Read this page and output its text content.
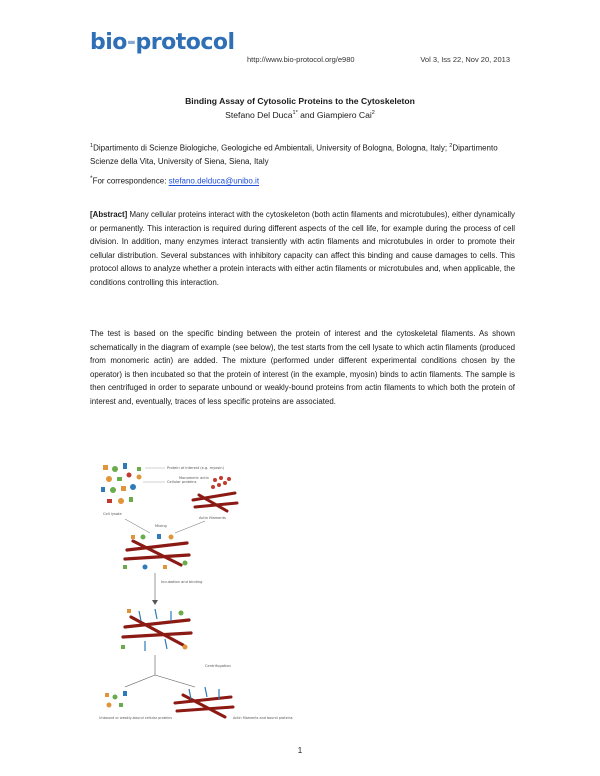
bio-protocol
http://www.bio-protocol.org/e980	Vol 3, Iss 22, Nov 20, 2013
Binding Assay of Cytosolic Proteins to the Cytoskeleton
Stefano Del Duca$^{1*}$ and Giampiero Cai$^2$
$^1$Dipartimento di Scienze Biologiche, Geologiche ed Ambientali, University of Bologna, Bologna, Italy; $^2$Dipartimento Scienze della Vita, University of Siena, Siena, Italy
*For correspondence: stefano.delduca@unibo.it
[Abstract] Many cellular proteins interact with the cytoskeleton (both actin filaments and microtubules), either dynamically or permanently. This interaction is required during different aspects of the cell life, for example during the process of cell division. In addition, many enzymes interact transiently with actin filaments and microtubules in order to promote their cellular distribution. Several substances with inhibitory capacity can affect this binding and cause damages to cells. This protocol allows to analyze whether a protein interacts with either actin filaments or microtubules and, when applicable, the conditions controlling this interaction.
The test is based on the specific binding between the protein of interest and the cytoskeletal filaments. As shown schematically in the diagram of example (see below), the test starts from the cell lysate to which actin filaments (produced from monomeric actin) are added. The mixture (performed under different experimental conditions chosen by the operator) is then incubated so that the protein of interest (in the example, myosin) binds to actin filaments. The sample is then centrifuged in order to separate unbound or weakly-bound proteins from actin filaments to which both the protein of interest and, eventually, traces of less specific proteins are associated.
Protein of interest (e.g. myosin)
Cellular proteins
Cell lysate
Monomeric actin
Actin filaments
Mixing
Incubation and binding
Centrifugation
Unbound or weakly-bound cellular proteins	Actin filaments and bound proteins
1
